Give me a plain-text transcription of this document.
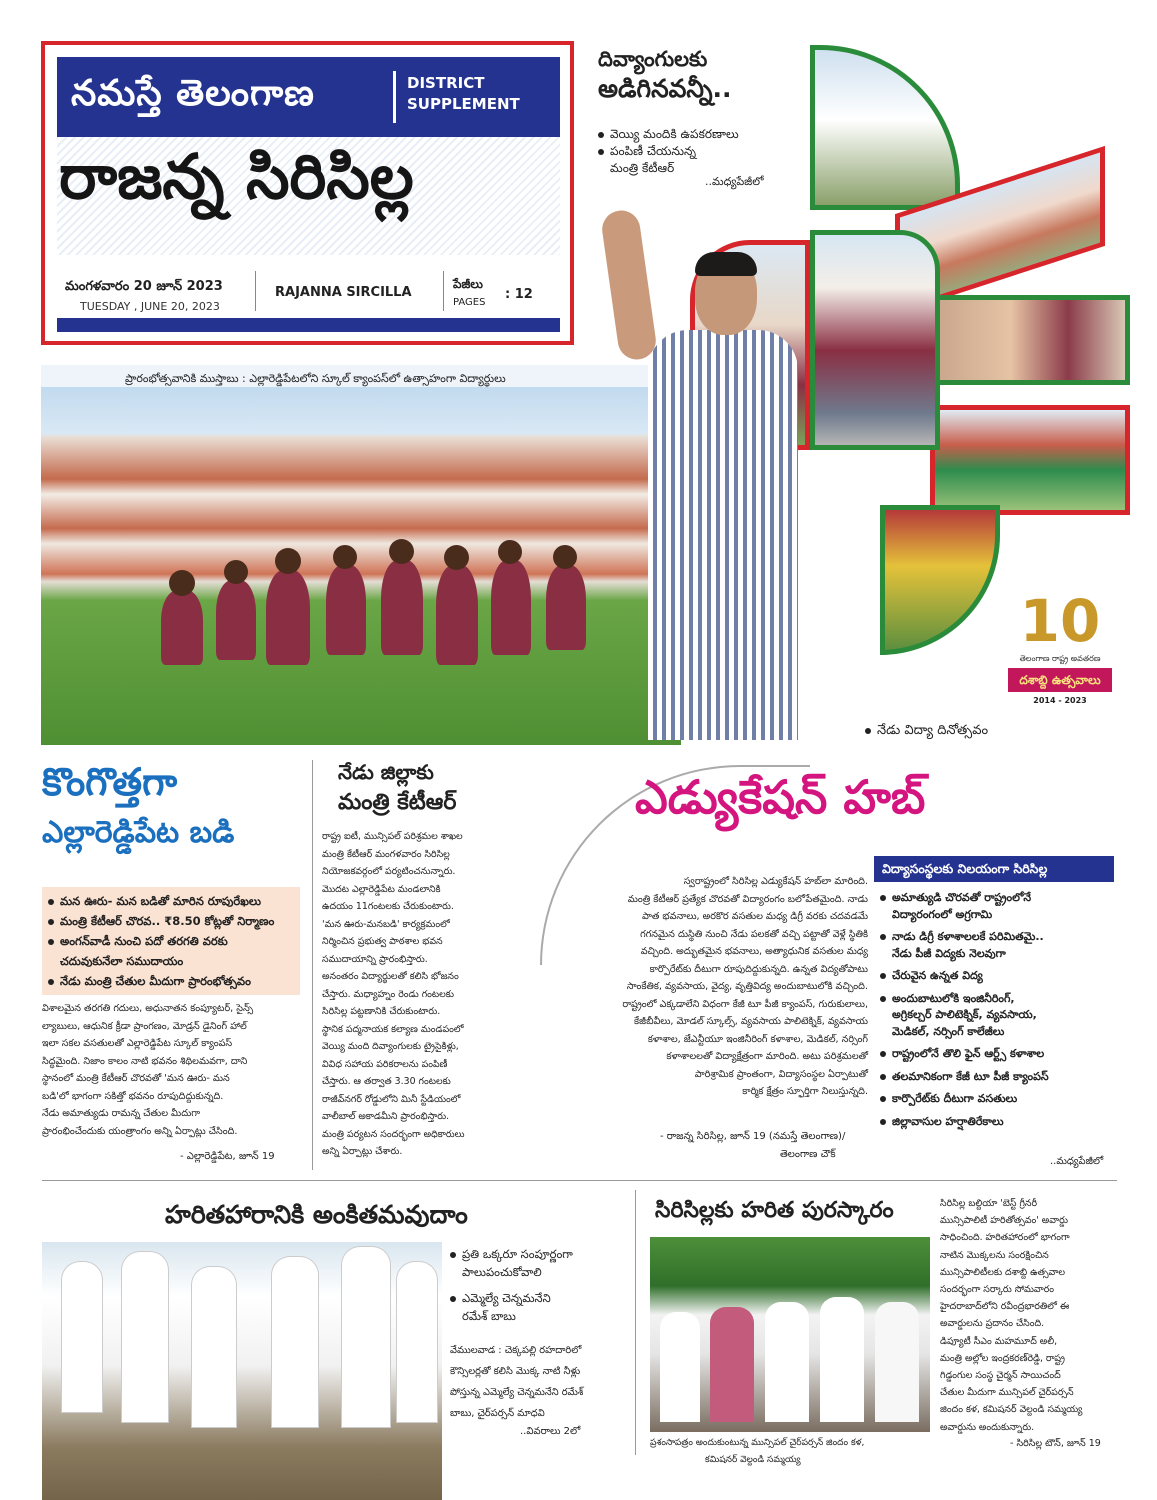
నమస్తే తెలంగాణ	DISTRICT
SUPPLEMENT
రాజన్న సిరిసిల్ల
మంగళవారం 20 జూన్ 2023
TUESDAY , JUNE 20, 2023
RAJANNA SIRCILLA
పేజీలు
PAGES
: 12
దివ్యాంగులకు
అడిగినవన్నీ..
వెయ్యి మందికి ఉపకరణాలు
పంపిణీ చేయనున్న
మంత్రి కేటీఆర్
..మధ్యపేజీలో
ప్రారంభోత్సవానికి ముస్తాబు : ఎల్లారెడ్డిపేటలోని స్కూల్ క్యాంపస్‌లో ఉత్సాహంగా విద్యార్థులు
10
తెలంగాణ రాష్ట్ర అవతరణ
దశాబ్ది ఉత్సవాలు
2014 - 2023
నేడు విద్యా దినోత్సవం
కొంగొత్తగా
ఎల్లారెడ్డిపేట బడి
మన ఊరు- మన బడితో మారిన రూపురేఖలు
మంత్రి కేటీఆర్ చొరవ.. ₹8.50 కోట్లతో నిర్మాణం
అంగన్‌వాడీ నుంచి పదో తరగతి వరకు
చదువుకునేలా సముదాయం
నేడు మంత్రి చేతుల మీదుగా ప్రారంభోత్సవం
విశాలమైన తరగతి గదులు, అధునాతన కంప్యూటర్, సైన్స్
ల్యాబులు, ఆధునిక క్రీడా ప్రాంగణం, మోడ్రన్ డైనింగ్ హాల్
ఇలా సకల వసతులతో ఎల్లారెడ్డిపేట స్కూల్ క్యాంపస్
సిద్ధమైంది. నిజాం కాలం నాటి భవనం శిథిలమవగా, దాని
స్థానంలో మంత్రి కేటీఆర్ చొరవతో 'మన ఊరు- మన
బడి'లో భాగంగా సకిత్తో భవనం రూపుదిద్దుకున్నది.
నేడు అమాత్యుడు రామన్న చేతుల మీదుగా
ప్రారంభించేందుకు యంత్రాంగం అన్ని ఏర్పాట్లు చేసింది.
- ఎల్లారెడ్డిపేట, జూన్ 19
నేడు జిల్లాకు
మంత్రి కేటీఆర్
రాష్ట్ర ఐటీ, మున్సిపల్ పరిశ్రమల శాఖల
మంత్రి కేటీఆర్ మంగళవారం సిరిసిల్ల
నియోజకవర్గంలో పర్యటించనున్నారు.
మొదట ఎల్లారెడ్డిపేట మండలానికి
ఉదయం 11గంటలకు చేరుకుంటారు.
'మన ఊరు-మనబడి' కార్యక్రమంలో
నిర్మించిన ప్రభుత్వ పాఠశాల భవన
సముదాయాన్ని ప్రారంభిస్తారు.
అనంతరం విద్యార్థులతో కలిసి భోజనం
చేస్తారు. మధ్యాహ్నం రెండు గంటలకు
సిరిసిల్ల పట్టణానికి చేరుకుంటారు.
స్థానిక పద్మనాయక కల్యాణ మండపంలో
వెయ్యి మంది దివ్యాంగులకు ట్రైసైకిళ్లు,
వివిధ సహాయ పరికరాలను పంపిణీ
చేస్తారు. ఆ తర్వాత 3.30 గంటలకు
రాజీవ్‌నగర్ రోడ్డులోని మినీ స్టేడియంలో
వాలీబాల్ అకాడమీని ప్రారంభిస్తారు.
మంత్రి పర్యటన సందర్భంగా అధికారులు
అన్ని ఏర్పాట్లు చేశారు.
ఎడ్యుకేషన్ హబ్
విద్యాసంస్థలకు నిలయంగా సిరిసిల్ల
స్వరాష్ట్రంలో సిరిసిల్ల ఎడ్యుకేషన్ హబ్‌లా మారింది.
మంత్రి కేటీఆర్ ప్రత్యేక చొరవతో విద్యారంగం బలోపేతమైంది. నాడు
పాత భవనాలు, అరకొర వసతుల మధ్య డిగ్రీ వరకు చదవడమే
గగనమైన దుస్థితి నుంచి నేడు పలకతో వచ్చి పట్టాతో వెళ్లే స్థితికి
వచ్చింది. అద్భుతమైన భవనాలు, అత్యాధునిక వసతుల మధ్య
కార్పొరేట్‌కు దీటుగా రూపుదిద్దుకున్నది. ఉన్నత విద్యతోపాటు
సాంకేతిక, వ్యవసాయ, వైద్య, వృత్తివిద్య అందుబాటులోకి వచ్చింది.
రాష్ట్రంలో ఎక్కడాలేని విధంగా కేజీ టూ పీజీ క్యాంపస్, గురుకులాలు,
కేజీబీవీలు, మోడల్ స్కూల్స్, వ్యవసాయ పాలిటెక్నిక్, వ్యవసాయ
కళాశాల, జేఎన్టీయూ ఇంజినీరింగ్ కళాశాల, మెడికల్, నర్సింగ్
కళాశాలలతో విద్యాక్షేత్రంగా మారింది. అటు పరిశ్రమలతో
పారిశ్రామిక ప్రాంతంగా, విద్యాసంస్థల ఏర్పాటుతో
కార్మిక క్షేత్రం స్ఫూర్తిగా నిలుస్తున్నది.
- రాజన్న సిరిసిల్ల, జూన్ 19 (నమస్తే తెలంగాణ)/
తెలంగాణ చౌక్
అమాత్యుడి చొరవతో రాష్ట్రంలోనే
విద్యారంగంలో అగ్రగామి
నాడు డిగ్రీ కళాశాలలకే పరిమితమై..
నేడు పీజీ విద్యకు నెలవుగా
చేరువైన ఉన్నత విద్య
అందుబాటులోకి ఇంజినీరింగ్,
అగ్రికల్చర్ పాలిటెక్నిక్, వ్యవసాయ,
మెడికల్, నర్సింగ్ కాలేజీలు
రాష్ట్రంలోనే తొలి ఫైన్ ఆర్ట్స్ కళాశాల
తలమానికంగా కేజీ టూ పీజీ క్యాంపస్
కార్పొరేట్‌కు దీటుగా వసతులు
జిల్లావాసుల హర్షాతిరేకాలు
..మధ్యపేజీలో
హరితహారానికి అంకితమవుదాం
ప్రతి ఒక్కరూ సంపూర్ణంగా
పాలుపంచుకోవాలి
ఎమ్మెల్యే చెన్నమనేని
రమేశ్ బాబు
వేములవాడ : చెక్కపల్లి రహదారిలో
కౌన్సిలర్లతో కలిసి మొక్క నాటి నీళ్లు
పోస్తున్న ఎమ్మెల్యే చెన్నమనేని రమేశ్
బాబు, చైర్‌పర్సన్ మాధవి
..వివరాలు 2లో
సిరిసిల్లకు హరిత పురస్కారం
ప్రశంసాపత్రం అందుకుంటున్న మున్సిపల్ చైర్‌పర్సన్ జిందం కళ,
కమిషనర్ వెల్దండి సమ్మయ్య
సిరిసిల్ల బల్దియా 'బెస్ట్ గ్రీనరీ
మున్సిపాలిటీ హరితోత్సవం' అవార్డు
సాధించింది. హరితహారంలో భాగంగా
నాటిన మొక్కలను సంరక్షించిన
మున్సిపాలిటీలకు దశాబ్ది ఉత్సవాల
సందర్భంగా సర్కారు సోమవారం
హైదరాబాద్‌లోని రవీంద్రభారతిలో ఈ
అవార్డులను ప్రదానం చేసింది.
డిప్యూటీ సీఎం మహమూద్ అలీ,
మంత్రి అల్లోల ఇంద్రకరణ్‌రెడ్డి, రాష్ట్ర
గిడ్డంగుల సంస్థ చైర్మన్ సాయిచంద్
చేతుల మీదుగా మున్సిపల్ చైర్‌పర్సన్
జిందం కళ, కమిషనర్ వెల్దండి సమ్మయ్య
అవార్డును అందుకున్నారు.
- సిరిసిల్ల టౌన్, జూన్ 19
